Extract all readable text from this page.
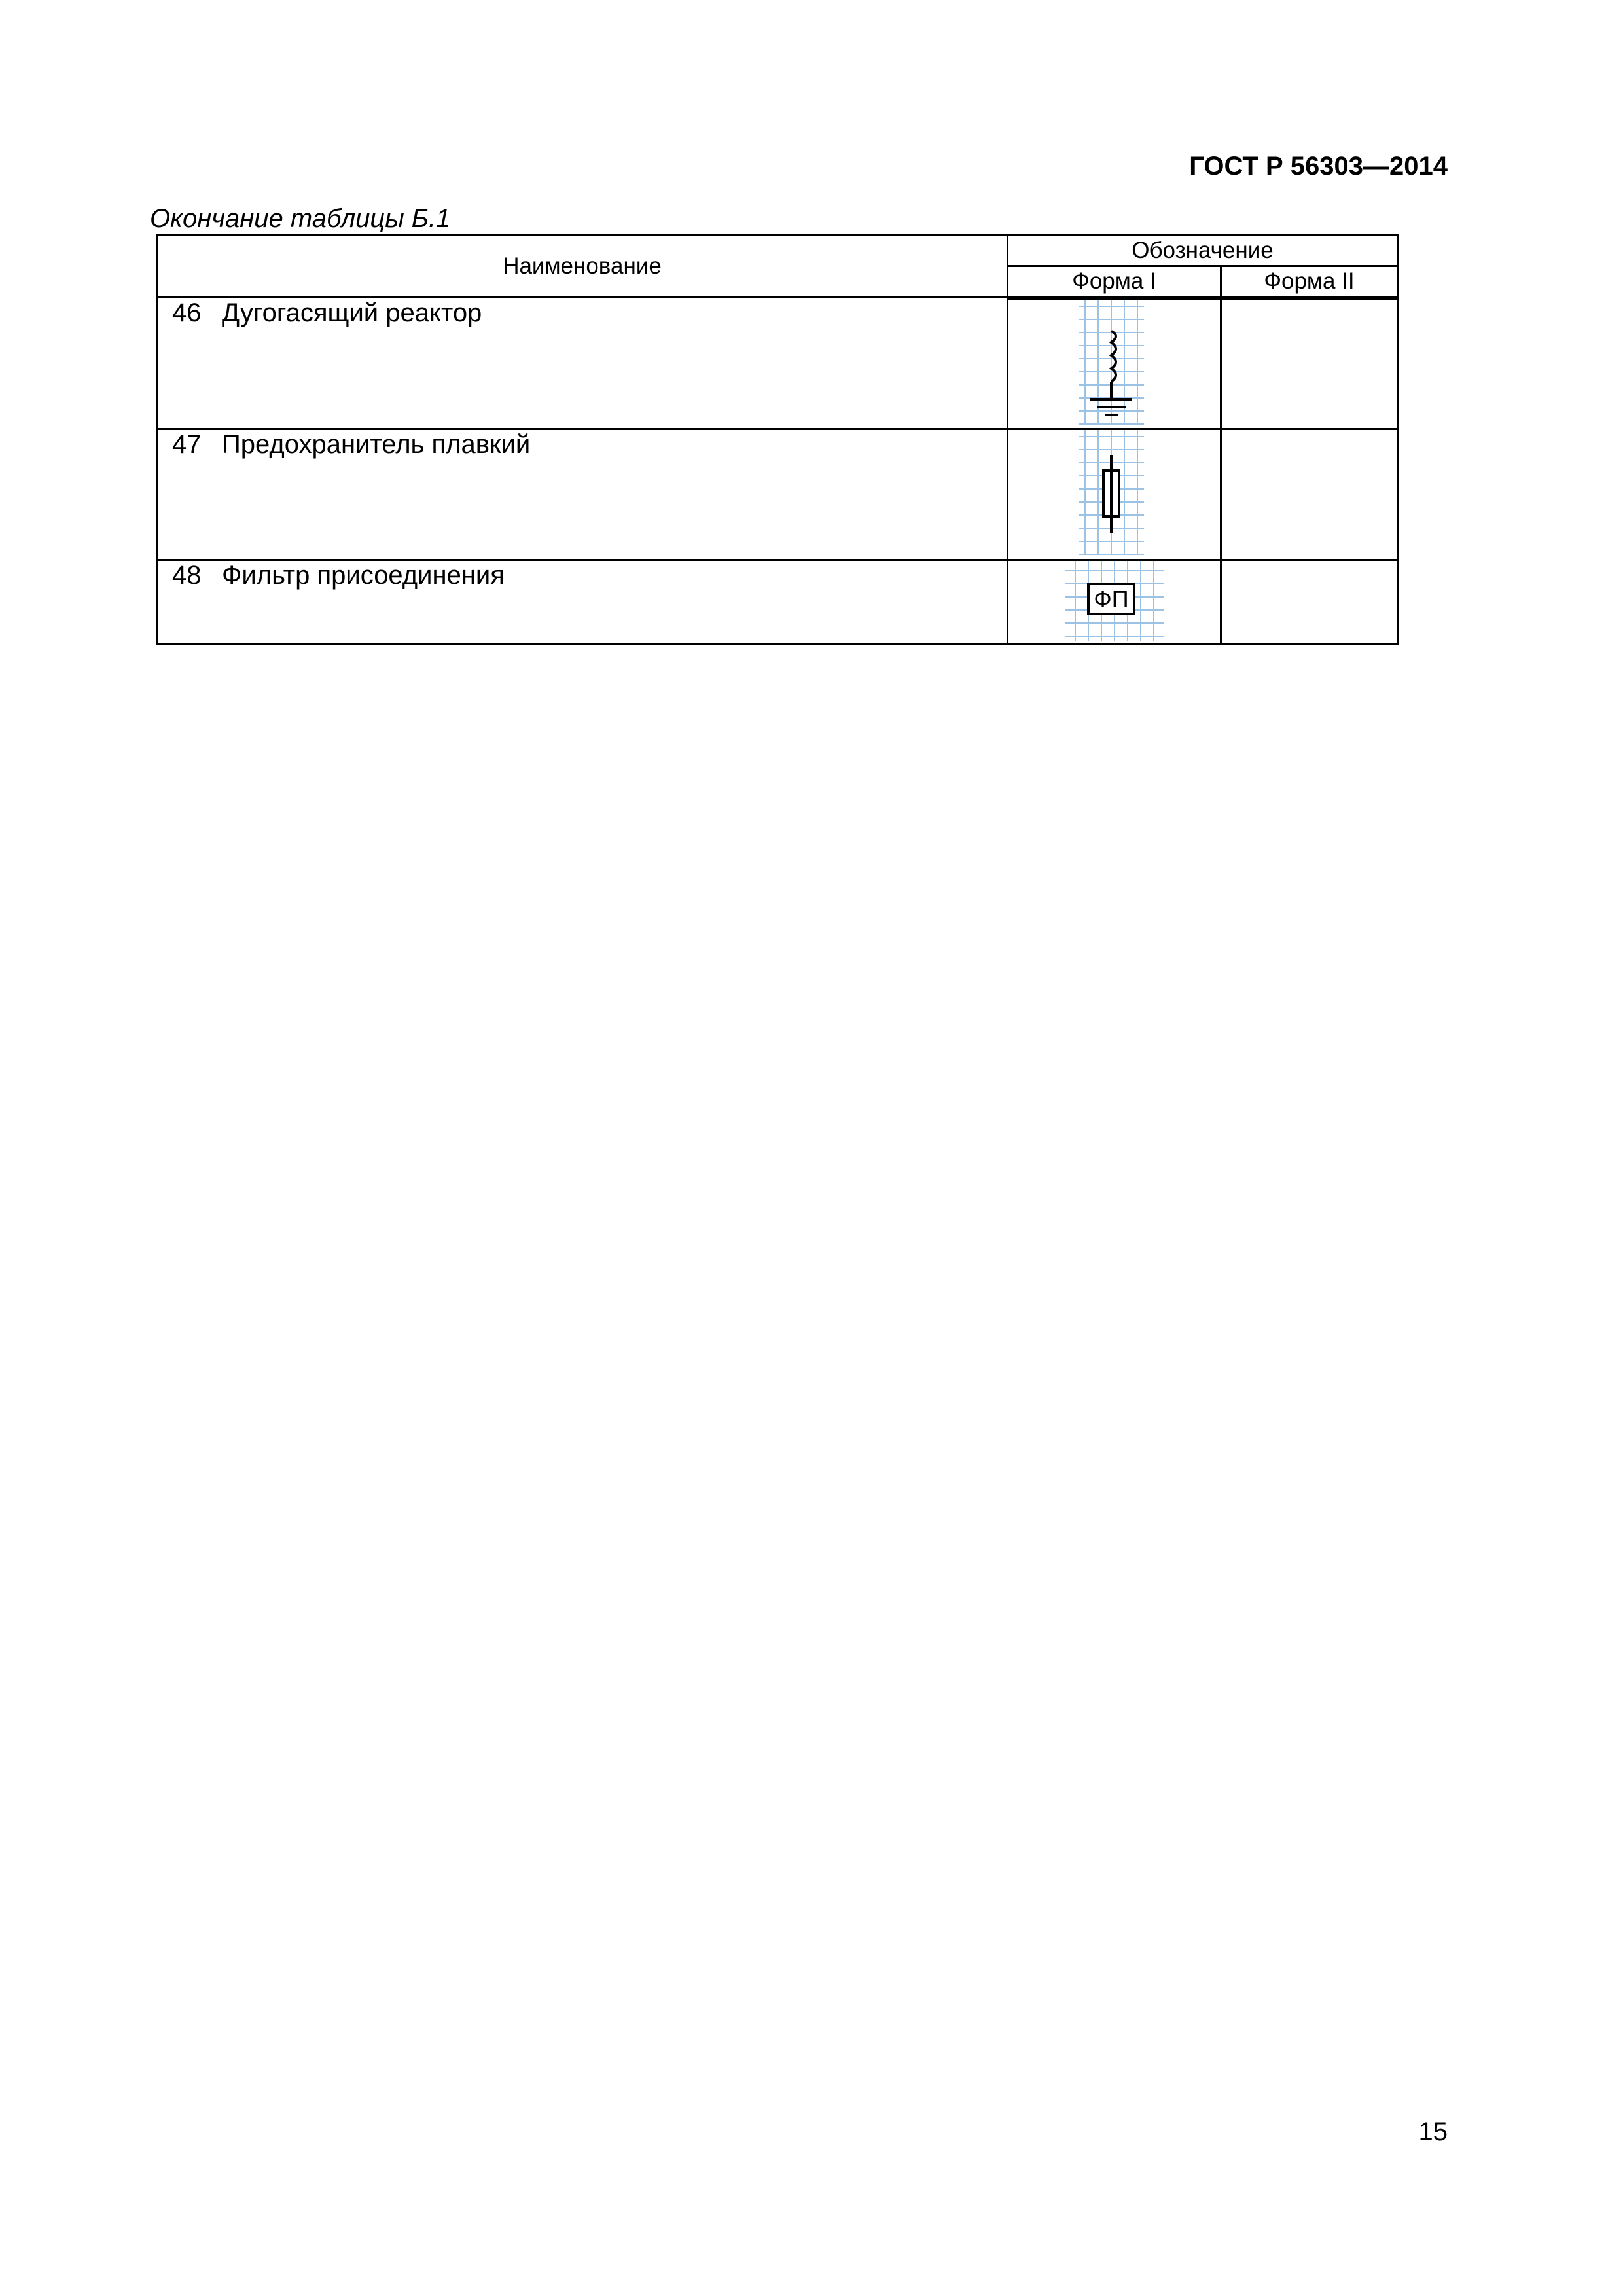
ГОСТ Р 56303—2014
Окончание таблицы Б.1
Наименование	Обозначение	
	Форма I	Форма II
46 Дугогасящий реактор	

47 Предохранитель плавкий	

48 Фильтр присоединения	ФП	

15
